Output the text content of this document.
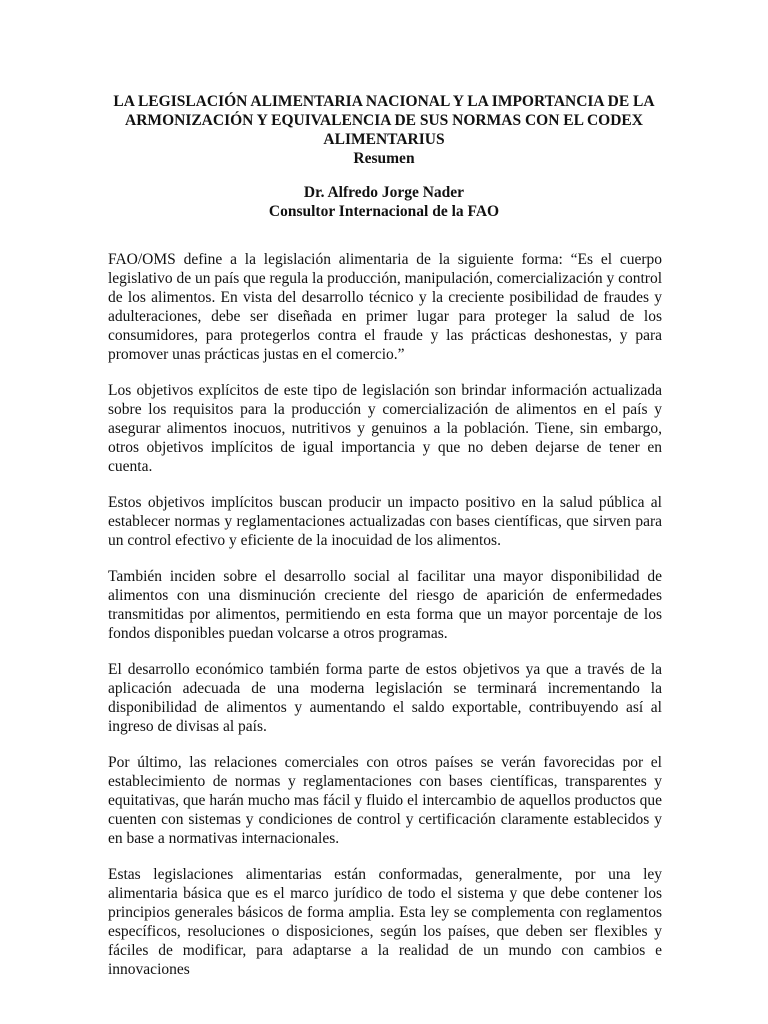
LA LEGISLACIÓN ALIMENTARIA NACIONAL Y LA IMPORTANCIA DE LA
ARMONIZACIÓN Y EQUIVALENCIA DE SUS NORMAS CON EL CODEX
ALIMENTARIUS
Resumen
Dr. Alfredo Jorge Nader
Consultor Internacional de la FAO

FAO/OMS define a la legislación alimentaria de la siguiente forma: “Es el cuerpo legislativo de un país que regula la producción, manipulación, comercialización y control de los alimentos. En vista del desarrollo técnico y la creciente posibilidad de fraudes y adulteraciones, debe ser diseñada en primer lugar para proteger la salud de los consumidores, para protegerlos contra el fraude y las prácticas deshonestas, y para promover unas prácticas justas en el comercio.”

Los objetivos explícitos de este tipo de legislación son brindar información actualizada sobre los requisitos para la producción y comercialización de alimentos en el país y asegurar alimentos inocuos, nutritivos y genuinos a la población. Tiene, sin embargo, otros objetivos implícitos de igual importancia y que no deben dejarse de tener en cuenta.

Estos objetivos implícitos buscan producir un impacto positivo en la salud pública al establecer normas y reglamentaciones actualizadas con bases científicas, que sirven para un control efectivo y eficiente de la inocuidad de los alimentos.

También inciden sobre el desarrollo social al facilitar una mayor disponibilidad de alimentos con una disminución creciente del riesgo de aparición de enfermedades transmitidas por alimentos, permitiendo en esta forma que un mayor porcentaje de los fondos disponibles puedan volcarse a otros programas.

El desarrollo económico también forma parte de estos objetivos ya que a través de la aplicación adecuada de una moderna legislación se terminará incrementando la disponibilidad de alimentos y aumentando el saldo exportable, contribuyendo así al ingreso de divisas al país.

Por último, las relaciones comerciales con otros países se verán favorecidas por el establecimiento de normas y reglamentaciones con bases científicas, transparentes y equitativas, que harán mucho mas fácil y fluido el intercambio de aquellos productos que cuenten con sistemas y condiciones de control y certificación claramente establecidos y en base a normativas internacionales.

Estas legislaciones alimentarias están conformadas, generalmente, por una ley alimentaria básica que es el marco jurídico de todo el sistema y que debe contener los principios generales básicos de forma amplia. Esta ley se complementa con reglamentos específicos, resoluciones o disposiciones, según los países, que deben ser flexibles y fáciles de modificar, para adaptarse a la realidad de un mundo con cambios e innovaciones
